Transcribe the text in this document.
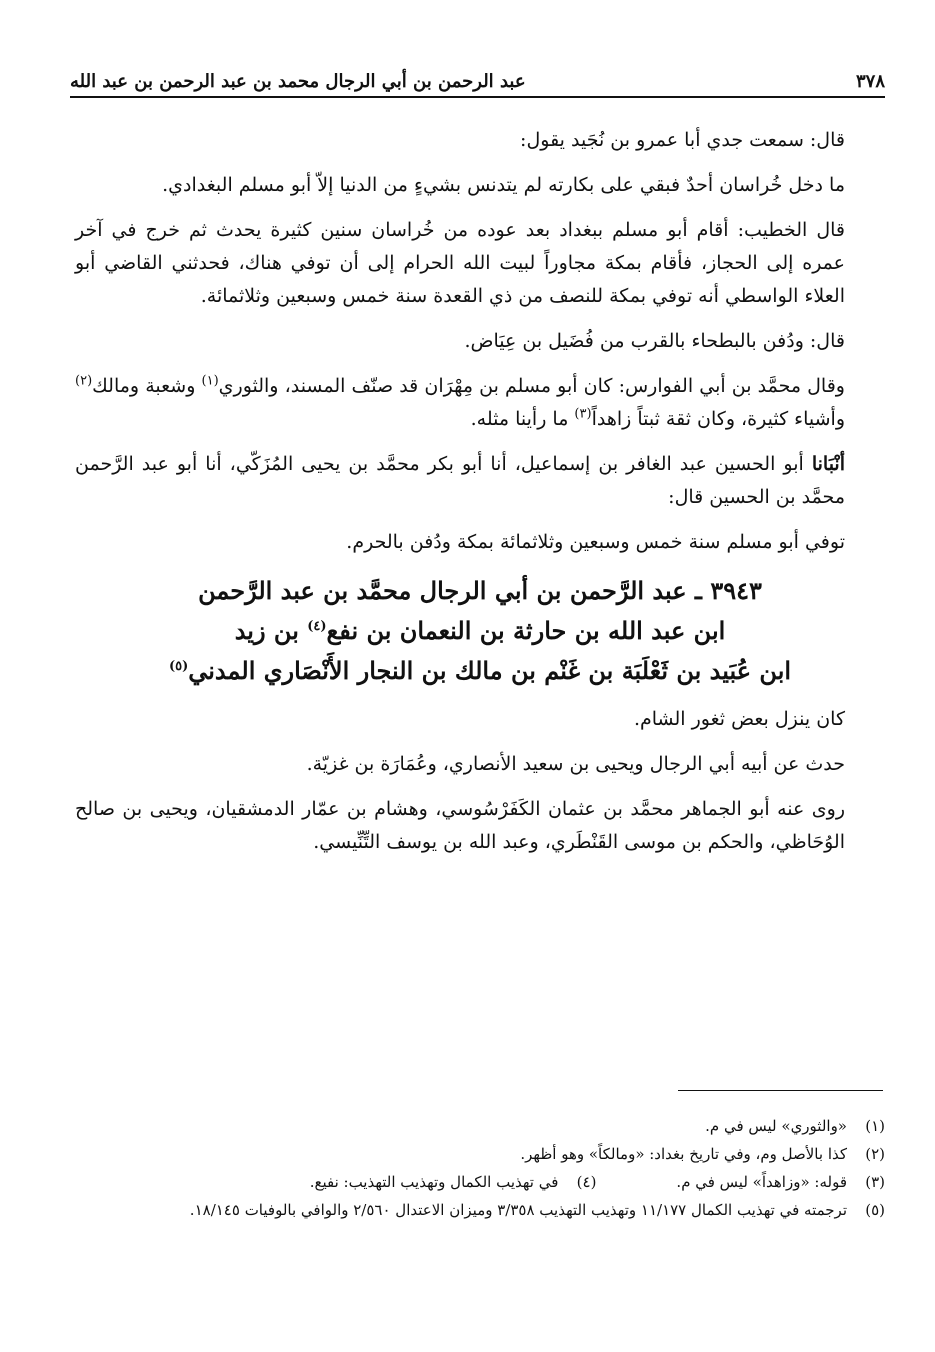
٣٧٨
عبد الرحمن بن أبي الرجال محمد بن عبد الرحمن بن عبد الله

قال: سمعت جدي أبا عمرو بن نُجَيد يقول:

ما دخل خُراسان أحدٌ فبقي على بكارته لم يتدنس بشيءٍ من الدنيا إلاّ أبو مسلم البغدادي.

قال الخطيب: أقام أبو مسلم ببغداد بعد عوده من خُراسان سنين كثيرة يحدث ثم خرج في آخر عمره إلى الحجاز، فأقام بمكة مجاوراً لبيت الله الحرام إلى أن توفي هناك، فحدثني القاضي أبو العلاء الواسطي أنه توفي بمكة للنصف من ذي القعدة سنة خمس وسبعين وثلاثمائة.

قال: ودُفن بالبطحاء بالقرب من فُضَيل بن عِيَاض.

وقال محمَّد بن أبي الفوارس: كان أبو مسلم بن مِهْرَان قد صنّف المسند، والثوري$^{(١)}$ وشعبة ومالك$^{(٢)}$ وأشياء كثيرة، وكان ثقة ثبتاً زاهداً$^{(٣)}$ ما رأينا مثله.

أنْبَانا أبو الحسين عبد الغافر بن إسماعيل، أنا أبو بكر محمَّد بن يحيى المُزَكّي، أنا أبو عبد الرَّحمن محمَّد بن الحسين قال:

توفي أبو مسلم سنة خمس وسبعين وثلاثمائة بمكة ودُفن بالحرم.

٣٩٤٣ ـ عبد الرَّحمن بن أبي الرجال محمَّد بن عبد الرَّحمن
ابن عبد الله بن حارثة بن النعمان بن نفع$^{(٤)}$ بن زيد
ابن عُبَيد بن ثَعْلَبَة بن غَنْم بن مالك بن النجار الأَنْصَاري المدني$^{(٥)}$

كان ينزل بعض ثغور الشام.

حدث عن أبيه أبي الرجال ويحيى بن سعيد الأنصاري، وعُمَارَة بن غزيّة.

روى عنه أبو الجماهر محمَّد بن عثمان الكَفَرْسُوسي، وهشام بن عمّار الدمشقيان، ويحيى بن صالح الوُحَاظي، والحكم بن موسى القَنْطَري، وعبد الله بن يوسف التِّنِّيسي.

(١)
«والثوري» ليس في م.
(٢)
كذا بالأصل وم، وفي تاريخ بغداد: «ومالكاً» وهو أظهر.
(٣)
قوله: «وزاهداً» ليس في م.
(٤)
في تهذيب الكمال وتهذيب التهذيب: نفيع.
(٥)
ترجمته في تهذيب الكمال ١١/١٧٧ وتهذيب التهذيب ٣/٣٥٨ وميزان الاعتدال ٢/٥٦٠ والوافي بالوفيات ١٨/١٤٥.
